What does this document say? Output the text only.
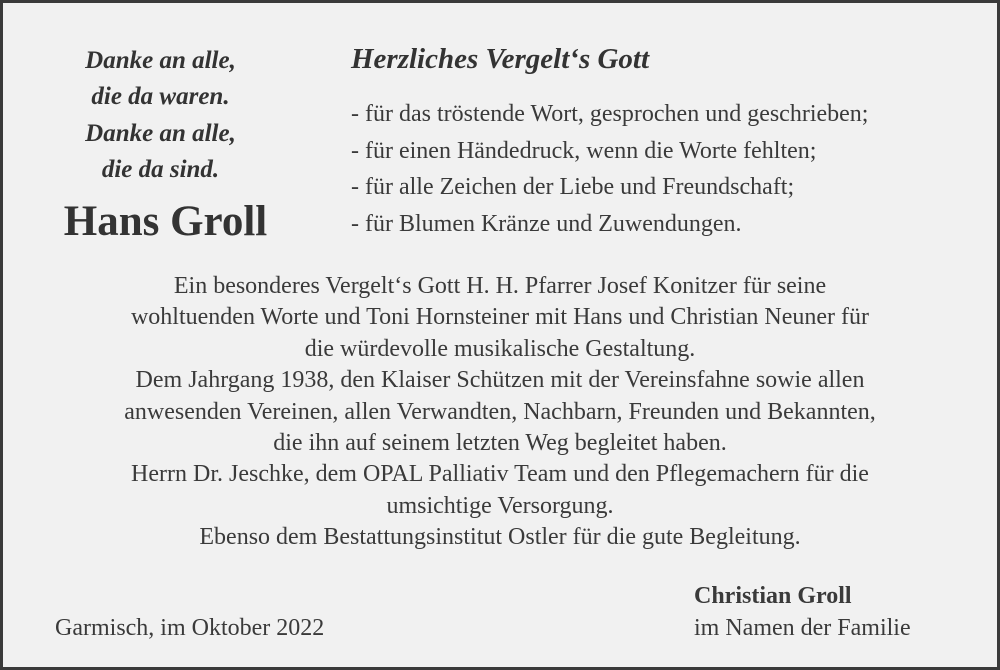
Danke an alle,
die da waren.
Danke an alle,
die da sind.
Hans Groll
Herzliches Vergelt‘s Gott
- für das tröstende Wort, gesprochen und geschrieben;
- für einen Händedruck, wenn die Worte fehlten;
- für alle Zeichen der Liebe und Freundschaft;
- für Blumen Kränze und Zuwendungen.
Ein besonderes Vergelt‘s Gott H. H. Pfarrer Josef Konitzer für seine
wohltuenden Worte und Toni Hornsteiner mit Hans und Christian Neuner für
die würdevolle musikalische Gestaltung.
Dem Jahrgang 1938, den Klaiser Schützen mit der Vereinsfahne sowie allen
anwesenden Vereinen, allen Verwandten, Nachbarn, Freunden und Bekannten,
die ihn auf seinem letzten Weg begleitet haben.
Herrn Dr. Jeschke, dem OPAL Palliativ Team und den Pflegemachern für die
umsichtige Versorgung.
Ebenso dem Bestattungsinstitut Ostler für die gute Begleitung.
Garmisch, im Oktober 2022
Christian Groll
im Namen der Familie
